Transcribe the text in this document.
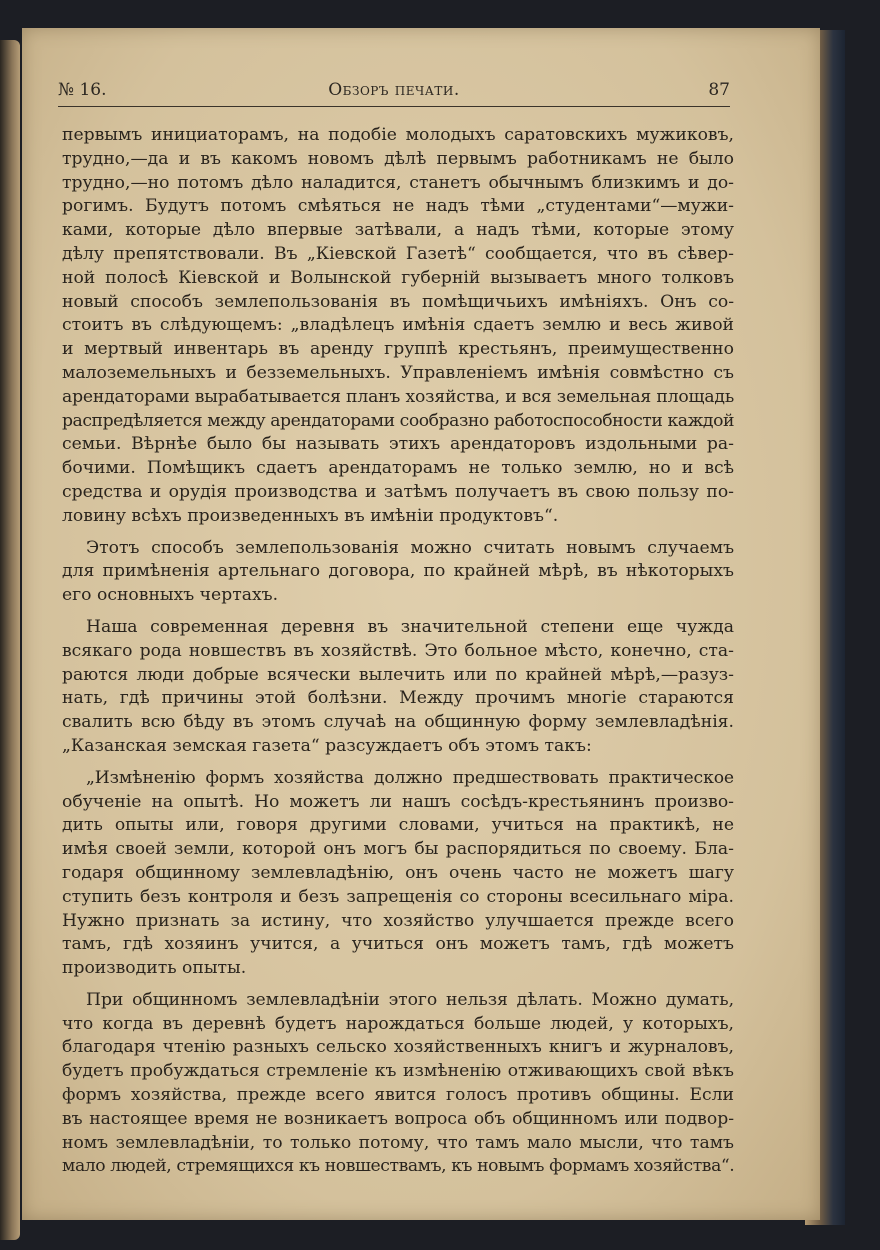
№ 16.	Обзоръ печати.	87

первымъ инициаторамъ, на подобіе молодыхъ саратовскихъ мужиковъ,
трудно,—да и въ какомъ новомъ дѣлѣ первымъ работникамъ не было
трудно,—но потомъ дѣло наладится, станетъ обычнымъ близкимъ и до-
рогимъ. Будутъ потомъ смѣяться не надъ тѣми „студентами“—мужи-
ками, которые дѣло впервые затѣвали, а надъ тѣми, которые этому
дѣлу препятствовали. Въ „Кіевской Газетѣ“ сообщается, что въ сѣвер-
ной полосѣ Кіевской и Волынской губерній вызываетъ много толковъ
новый способъ землепользованія въ помѣщичьихъ имѣніяхъ. Онъ со-
стоитъ въ слѣдующемъ: „владѣлецъ имѣнія сдаетъ землю и весь живой
и мертвый инвентарь въ аренду группѣ крестьянъ, преимущественно
малоземельныхъ и безземельныхъ. Управленіемъ имѣнія совмѣстно съ
арендаторами вырабатывается планъ хозяйства, и вся земельная площадь
распредѣляется между арендаторами сообразно работоспособности каждой
семьи. Вѣрнѣе было бы называть этихъ арендаторовъ издольными ра-
бочими. Помѣщикъ сдаетъ арендаторамъ не только землю, но и всѣ
средства и орудія производства и затѣмъ получаетъ въ свою пользу по-
ловину всѣхъ произведенныхъ въ имѣніи продуктовъ“.

Этотъ способъ землепользованія можно считать новымъ случаемъ
для примѣненія артельнаго договора, по крайней мѣрѣ, въ нѣкоторыхъ
его основныхъ чертахъ.

Наша современная деревня въ значительной степени еще чужда
всякаго рода новшествъ въ хозяйствѣ. Это больное мѣсто, конечно, ста-
раются люди добрые всячески вылечить или по крайней мѣрѣ,—разуз-
нать, гдѣ причины этой болѣзни. Между прочимъ многіе стараются
свалить всю бѣду въ этомъ случаѣ на общинную форму землевладѣнія.
„Казанская земская газета“ разсуждаетъ объ этомъ такъ:

„Измѣненію формъ хозяйства должно предшествовать практическое
обученіе на опытѣ. Но можетъ ли нашъ сосѣдъ-крестьянинъ произво-
дить опыты или, говоря другими словами, учиться на практикѣ, не
имѣя своей земли, которой онъ могъ бы распорядиться по своему. Бла-
годаря общинному землевладѣнію, онъ очень часто не можетъ шагу
ступить безъ контроля и безъ запрещенія со стороны всесильнаго міра.
Нужно признать за истину, что хозяйство улучшается прежде всего
тамъ, гдѣ хозяинъ учится, а учиться онъ можетъ тамъ, гдѣ можетъ
производить опыты.

При общинномъ землевладѣніи этого нельзя дѣлать. Можно думать,
что когда въ деревнѣ будетъ нарождаться больше людей, у которыхъ,
благодаря чтенію разныхъ сельско хозяйственныхъ книгъ и журналовъ,
будетъ пробуждаться стремленіе къ измѣненію отживающихъ свой вѣкъ
формъ хозяйства, прежде всего явится голосъ противъ общины. Если
въ настоящее время не возникаетъ вопроса объ общинномъ или подвор-
номъ землевладѣніи, то только потому, что тамъ мало мысли, что тамъ
мало людей, стремящихся къ новшествамъ, къ новымъ формамъ хозяйства“.
